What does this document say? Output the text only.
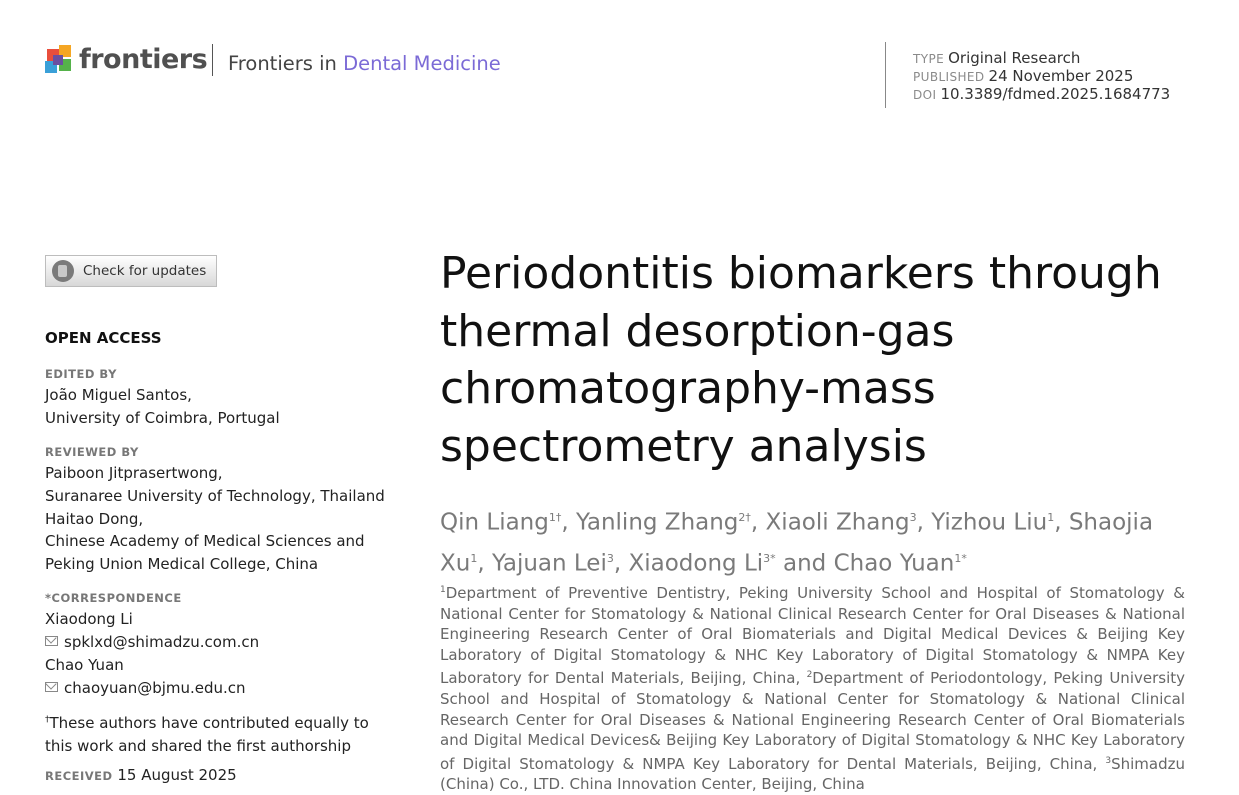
frontiers Frontiers in Dental Medicine	TYPE Original Research
PUBLISHED 24 November 2025
DOI 10.3389/fdmed.2025.1684773
Check for updates
OPEN ACCESS
EDITED BY
João Miguel Santos,
University of Coimbra, Portugal
REVIEWED BY
Paiboon Jitprasertwong,
Suranaree University of Technology, Thailand
Haitao Dong,
Chinese Academy of Medical Sciences and
Peking Union Medical College, China
*CORRESPONDENCE
Xiaodong Li
spklxd@shimadzu.com.cn
Chao Yuan
chaoyuan@bjmu.edu.cn
†These authors have contributed equally to
this work and shared the first authorship
RECEIVED 15 August 2025
Periodontitis biomarkers through thermal desorption-gas chromatography-mass spectrometry analysis

Qin Liang$^{1\dagger}$, Yanling Zhang$^{2\dagger}$, Xiaoli Zhang$^3$, Yizhou Liu$^1$, Shaojia Xu$^1$, Yajuan Lei$^3$, Xiaodong $Li^{3*}$ and Chao Yuan$^{1*}$

$^1$Department of Preventive Dentistry, Peking University School and Hospital of Stomatology & National Center for Stomatology & National Clinical Research Center for Oral Diseases & National Engineering Research Center of Oral Biomaterials and Digital Medical Devices & Beijing Key Laboratory of Digital Stomatology & NHC Key Laboratory of Digital Stomatology & NMPA Key Laboratory for Dental Materials, Beijing, China, $^2$Department of Periodontology, Peking University School and Hospital of Stomatology & National Center for Stomatology & National Clinical Research Center for Oral Diseases & National Engineering Research Center of Oral Biomaterials and Digital Medical Devices& Beijing Key Laboratory of Digital Stomatology & NHC Key Laboratory of Digital Stomatology & NMPA Key Laboratory for Dental Materials, Beijing, China, $^3$Shimadzu (China) Co., LTD. China Innovation Center, Beijing, China
